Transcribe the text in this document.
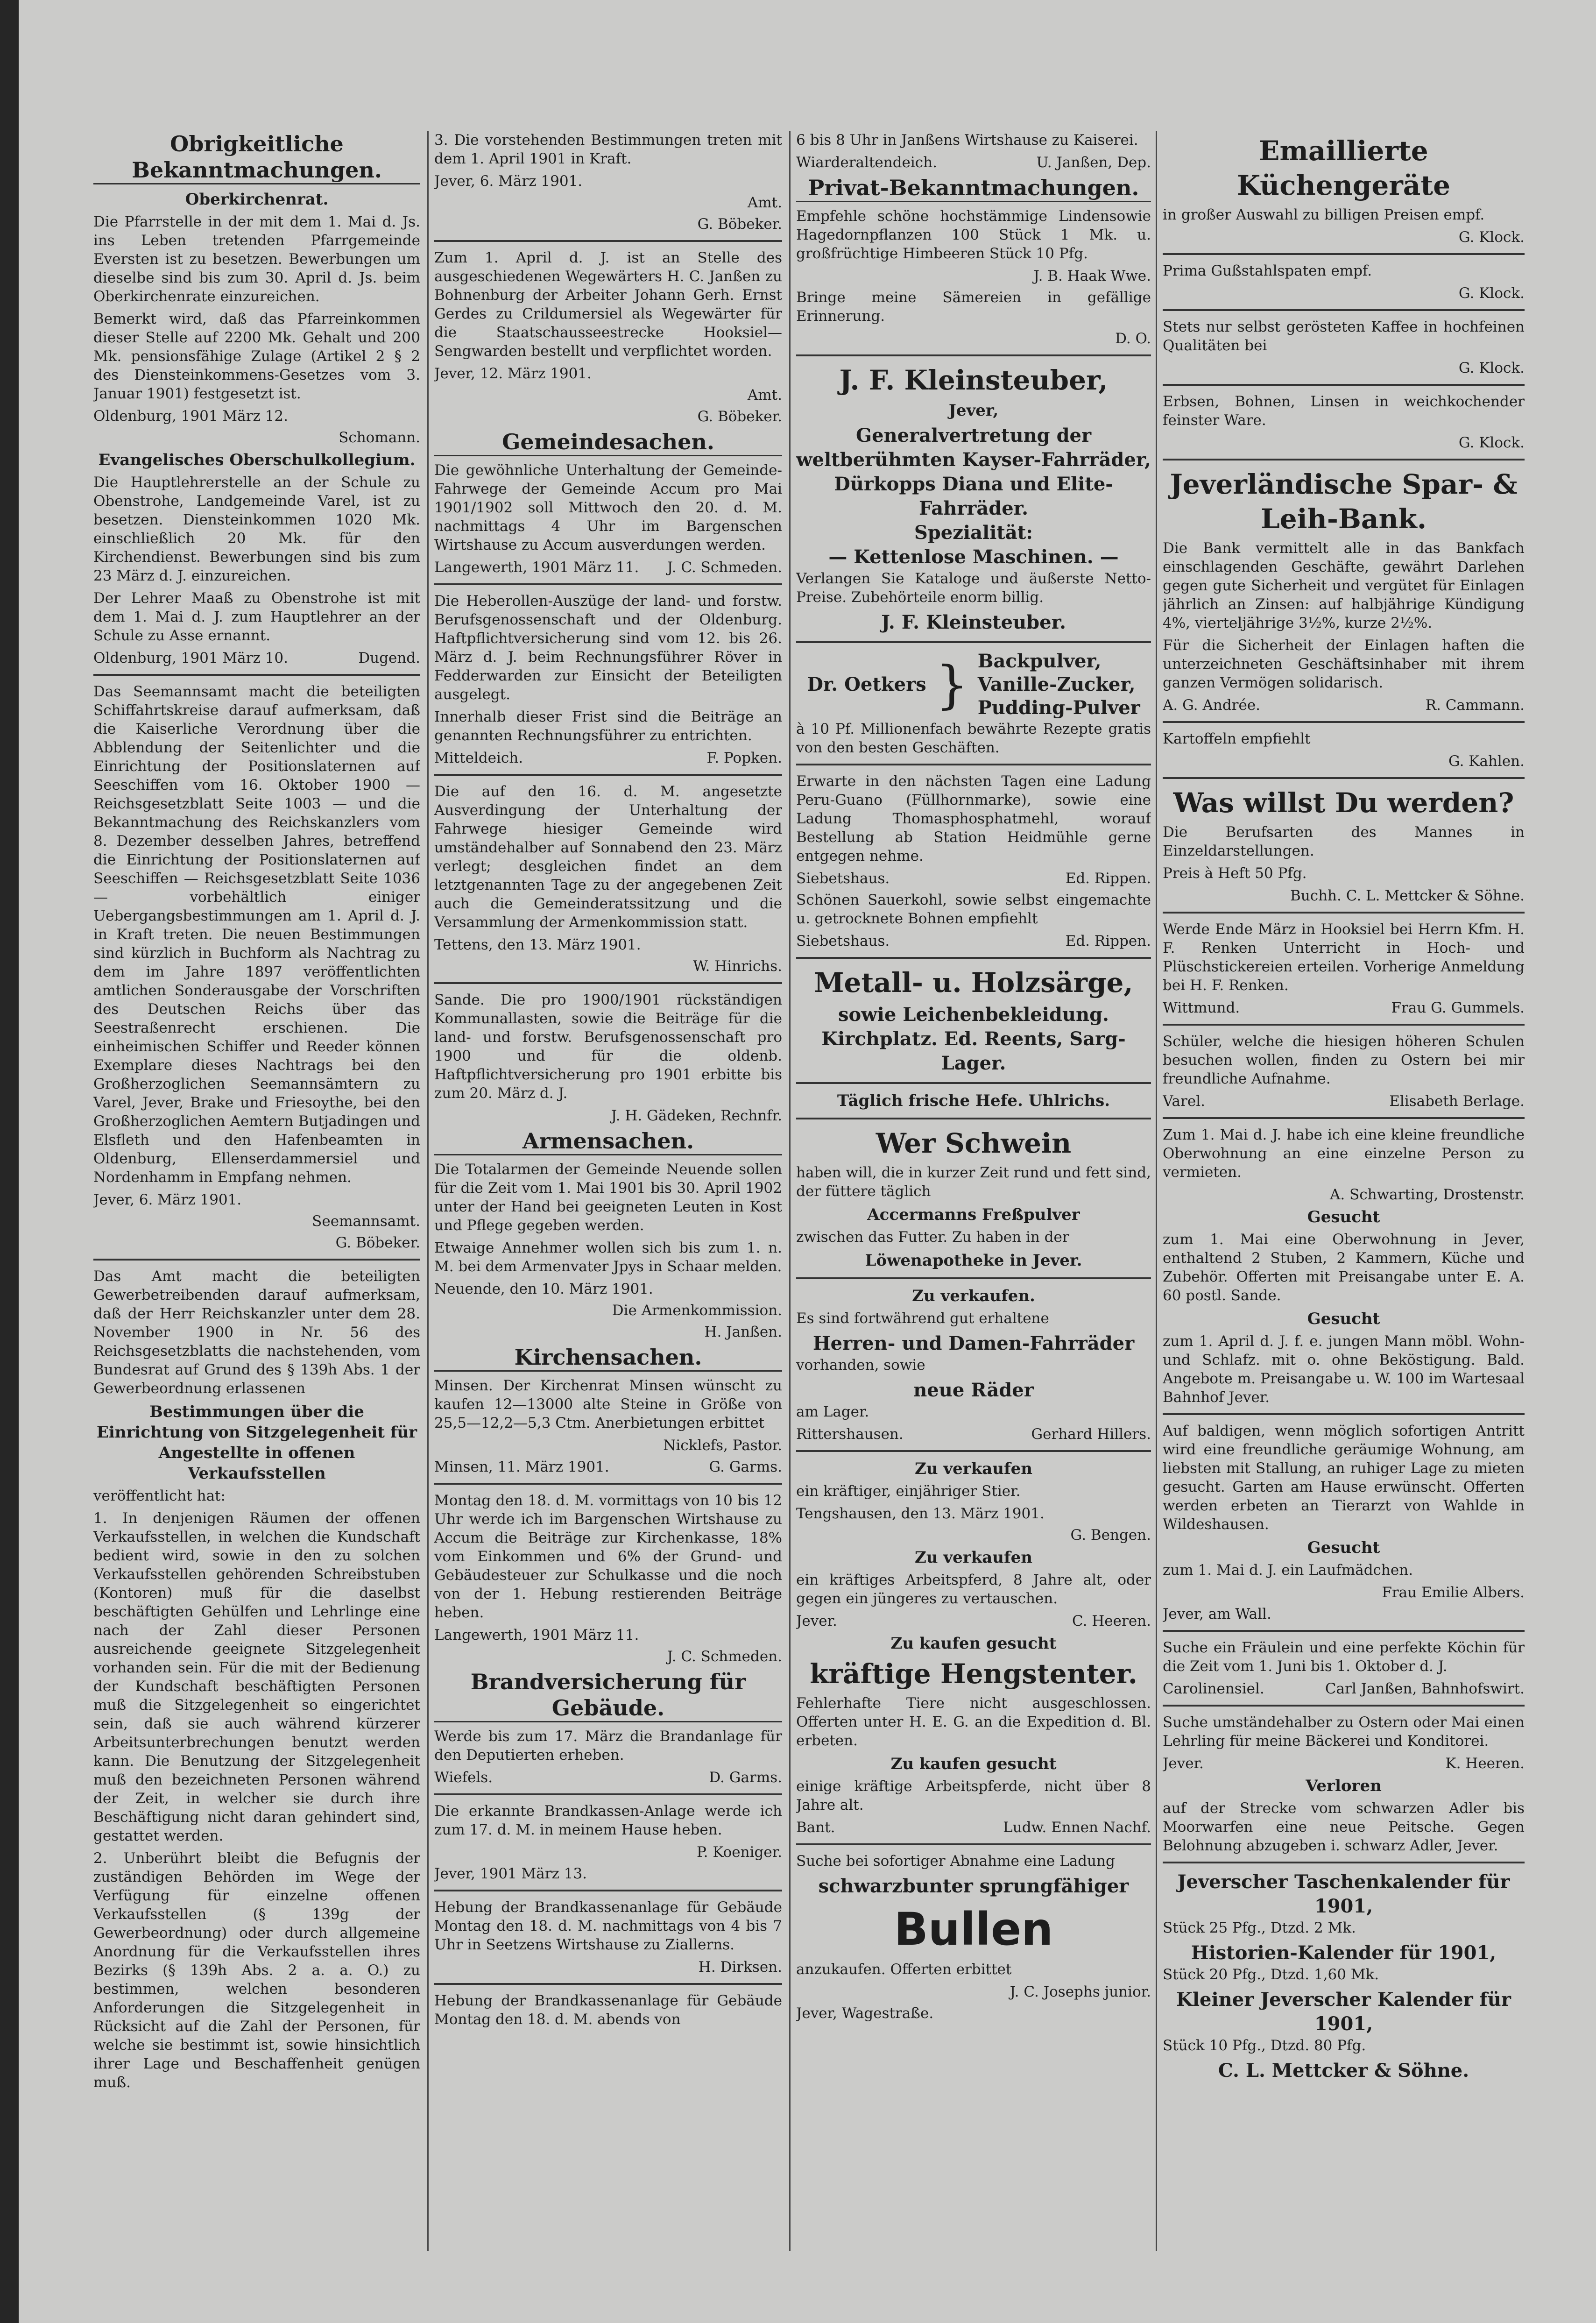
Obrigkeitliche Bekanntmachungen.
Oberkirchenrat.

Die Pfarrstelle in der mit dem 1. Mai d. Js. ins Leben tretenden Pfarrgemeinde Eversten ist zu besetzen. Bewerbungen um dieselbe sind bis zum 30. April d. Js. beim Oberkirchenrate einzureichen.

Bemerkt wird, daß das Pfarreinkommen dieser Stelle auf 2200 Mk. Gehalt und 200 Mk. pensionsfähige Zulage (Artikel 2 § 2 des Diensteinkommens-Gesetzes vom 3. Januar 1901) festgesetzt ist.

Oldenburg, 1901 März 12.
Schomann.
Evangelisches Oberschulkollegium.

Die Hauptlehrerstelle an der Schule zu Obenstrohe, Landgemeinde Varel, ist zu besetzen. Diensteinkommen 1020 Mk. einschließlich 20 Mk. für den Kirchendienst. Bewerbungen sind bis zum 23 März d. J. einzureichen.

Der Lehrer Maaß zu Obenstrohe ist mit dem 1. Mai d. J. zum Hauptlehrer an der Schule zu Asse ernannt.

Oldenburg, 1901 März 10.	Dugend.

Das Seemannsamt macht die beteiligten Schiffahrtskreise darauf aufmerksam, daß die Kaiserliche Verordnung über die Abblendung der Seitenlichter und die Einrichtung der Positionslaternen auf Seeschiffen vom 16. Oktober 1900 — Reichsgesetzblatt Seite 1003 — und die Bekanntmachung des Reichskanzlers vom 8. Dezember desselben Jahres, betreffend die Einrichtung der Positionslaternen auf Seeschiffen — Reichsgesetzblatt Seite 1036 — vorbehältlich einiger Uebergangsbestimmungen am 1. April d. J. in Kraft treten. Die neuen Bestimmungen sind kürzlich in Buchform als Nachtrag zu dem im Jahre 1897 veröffentlichten amtlichen Sonderausgabe der Vorschriften des Deutschen Reichs über das Seestraßenrecht erschienen. Die einheimischen Schiffer und Reeder können Exemplare dieses Nachtrags bei den Großherzoglichen Seemannsämtern zu Varel, Jever, Brake und Friesoythe, bei den Großherzoglichen Aemtern Butjadingen und Elsfleth und den Hafenbeamten in Oldenburg, Ellenserdammersiel und Nordenhamm in Empfang nehmen.

Jever, 6. März 1901.
Seemannsamt.
G. Böbeker.

Das Amt macht die beteiligten Gewerbetreibenden darauf aufmerksam, daß der Herr Reichskanzler unter dem 28. November 1900 in Nr. 56 des Reichsgesetzblatts die nachstehenden, vom Bundesrat auf Grund des § 139h Abs. 1 der Gewerbeordnung erlassenen

Bestimmungen über die Einrichtung von Sitzgelegenheit für Angestellte in offenen Verkaufsstellen

veröffentlicht hat:

1. In denjenigen Räumen der offenen Verkaufsstellen, in welchen die Kundschaft bedient wird, sowie in den zu solchen Verkaufsstellen gehörenden Schreibstuben (Kontoren) muß für die daselbst beschäftigten Gehülfen und Lehrlinge eine nach der Zahl dieser Personen ausreichende geeignete Sitzgelegenheit vorhanden sein. Für die mit der Bedienung der Kundschaft beschäftigten Personen muß die Sitzgelegenheit so eingerichtet sein, daß sie auch während kürzerer Arbeitsunterbrechungen benutzt werden kann. Die Benutzung der Sitzgelegenheit muß den bezeichneten Personen während der Zeit, in welcher sie durch ihre Beschäftigung nicht daran gehindert sind, gestattet werden.

2. Unberührt bleibt die Befugnis der zuständigen Behörden im Wege der Verfügung für einzelne offenen Verkaufsstellen (§ 139g der Gewerbeordnung) oder durch allgemeine Anordnung für die Verkaufsstellen ihres Bezirks (§ 139h Abs. 2 a. a. O.) zu bestimmen, welchen besonderen Anforderungen die Sitzgelegenheit in Rücksicht auf die Zahl der Personen, für welche sie bestimmt ist, sowie hinsichtlich ihrer Lage und Beschaffenheit genügen muß.

3. Die vorstehenden Bestimmungen treten mit dem 1. April 1901 in Kraft.

Jever, 6. März 1901.
Amt.
G. Böbeker.

Zum 1. April d. J. ist an Stelle des ausgeschiedenen Wegewärters H. C. Janßen zu Bohnenburg der Arbeiter Johann Gerh. Ernst Gerdes zu Crildumersiel als Wegewärter für die Staatschausseestrecke Hooksiel—Sengwarden bestellt und verpflichtet worden.

Jever, 12. März 1901.
Amt.
G. Böbeker.
Gemeindesachen.

Die gewöhnliche Unterhaltung der Gemeinde-Fahrwege der Gemeinde Accum pro Mai 1901/1902 soll Mittwoch den 20. d. M. nachmittags 4 Uhr im Bargenschen Wirtshause zu Accum ausverdungen werden.

Langewerth, 1901 März 11. J. C. Schmeden.

Die Heberollen-Auszüge der land- und forstw. Berufsgenossenschaft und der Oldenburg. Haftpflichtversicherung sind vom 12. bis 26. März d. J. beim Rechnungsführer Röver in Fedderwarden zur Einsicht der Beteiligten ausgelegt.

Innerhalb dieser Frist sind die Beiträge an genannten Rechnungsführer zu entrichten.

Mitteldeich.	F. Popken.

Die auf den 16. d. M. angesetzte Ausverdingung der Unterhaltung der Fahrwege hiesiger Gemeinde wird umständehalber auf Sonnabend den 23. März verlegt; desgleichen findet an dem letztgenannten Tage zu der angegebenen Zeit auch die Gemeinderatssitzung und die Versammlung der Armenkommission statt.

Tettens, den 13. März 1901.
W. Hinrichs.

Sande. Die pro 1900/1901 rückständigen Kommunallasten, sowie die Beiträge für die land- und forstw. Berufsgenossenschaft pro 1900 und für die oldenb. Haftpflichtversicherung pro 1901 erbitte bis zum 20. März d. J.

J. H. Gädeken, Rechnfr.
Armensachen.

Die Totalarmen der Gemeinde Neuende sollen für die Zeit vom 1. Mai 1901 bis 30. April 1902 unter der Hand bei geeigneten Leuten in Kost und Pflege gegeben werden.

Etwaige Annehmer wollen sich bis zum 1. n. M. bei dem Armenvater Jpys in Schaar melden.

Neuende, den 10. März 1901.
Die Armenkommission.
H. Janßen.
Kirchensachen.

Minsen. Der Kirchenrat Minsen wünscht zu kaufen 12—13000 alte Steine in Größe von 25,5—12,2—5,3 Ctm. Anerbietungen erbittet

Nicklefs, Pastor.
Minsen, 11. März 1901.	G. Garms.

Montag den 18. d. M. vormittags von 10 bis 12 Uhr werde ich im Bargenschen Wirtshause zu Accum die Beiträge zur Kirchenkasse, 18% vom Einkommen und 6% der Grund- und Gebäudesteuer zur Schulkasse und die noch von der 1. Hebung restierenden Beiträge heben.

Langewerth, 1901 März 11.
J. C. Schmeden.
Brandversicherung für Gebäude.

Werde bis zum 17. März die Brandanlage für den Deputierten erheben.

Wiefels.	D. Garms.

Die erkannte Brandkassen-Anlage werde ich zum 17. d. M. in meinem Hause heben.

P. Koeniger.
Jever, 1901 März 13.

Hebung der Brandkassenanlage für Gebäude Montag den 18. d. M. nachmittags von 4 bis 7 Uhr in Seetzens Wirtshause zu Ziallerns.

H. Dirksen.

Hebung der Brandkassenanlage für Gebäude Montag den 18. d. M. abends von

6 bis 8 Uhr in Janßens Wirtshause zu Kaiserei.

Wiarderaltendeich.	U. Janßen, Dep.
Privat-Bekanntmachungen.

Empfehle schöne hochstämmige Lindensowie Hagedornpflanzen 100 Stück 1 Mk. u. großfrüchtige Himbeeren Stück 10 Pfg.

J. B. Haak Wwe.

Bringe meine Sämereien in gefällige Erinnerung.

D. O.
J. F. Kleinsteuber,
Jever,
Generalvertretung der weltberühmten Kayser-Fahrräder, Dürkopps Diana und Elite-Fahrräder.
Spezialität:
— Kettenlose Maschinen. —

Verlangen Sie Kataloge und äußerste Netto-Preise. Zubehörteile enorm billig.

J. F. Kleinsteuber.
Dr. Oetkers } Backpulver,
Vanille-Zucker,
Pudding-Pulver

à 10 Pf. Millionenfach bewährte Rezepte gratis von den besten Geschäften.

Erwarte in den nächsten Tagen eine Ladung Peru-Guano (Füllhornmarke), sowie eine Ladung Thomasphosphatmehl, worauf Bestellung ab Station Heidmühle gerne entgegen nehme.

Siebetshaus.	Ed. Rippen.

Schönen Sauerkohl, sowie selbst eingemachte u. getrocknete Bohnen empfiehlt

Siebetshaus.	Ed. Rippen.
Metall- u. Holzsärge,
sowie Leichenbekleidung.
Kirchplatz. Ed. Reents, Sarg-Lager.
Täglich frische Hefe. Uhlrichs.
Wer Schwein

haben will, die in kurzer Zeit rund und fett sind, der füttere täglich

Accermanns Freßpulver

zwischen das Futter. Zu haben in der

Löwenapotheke in Jever.
Zu verkaufen.

Es sind fortwährend gut erhaltene

Herren- und Damen-Fahrräder

vorhanden, sowie

neue Räder

am Lager.

Rittershausen.	Gerhard Hillers.
Zu verkaufen

ein kräftiger, einjähriger Stier.

Tengshausen, den 13. März 1901.
G. Bengen.
Zu verkaufen

ein kräftiges Arbeitspferd, 8 Jahre alt, oder gegen ein jüngeres zu vertauschen.

Jever.	C. Heeren.
Zu kaufen gesucht
kräftige Hengstenter.

Fehlerhafte Tiere nicht ausgeschlossen. Offerten unter H. E. G. an die Expedition d. Bl. erbeten.

Zu kaufen gesucht

einige kräftige Arbeitspferde, nicht über 8 Jahre alt.

Bant.	Ludw. Ennen Nachf.

Suche bei sofortiger Abnahme eine Ladung

schwarzbunter sprungfähiger
Bullen

anzukaufen. Offerten erbittet

J. C. Josephs junior.
Jever, Wagestraße.
Emaillierte Küchengeräte

in großer Auswahl zu billigen Preisen empf.

G. Klock.

Prima Gußstahlspaten empf.

G. Klock.

Stets nur selbst gerösteten Kaffee in hochfeinen Qualitäten bei

G. Klock.

Erbsen, Bohnen, Linsen in weichkochender feinster Ware.

G. Klock.
Jeverländische Spar- & Leih-Bank.

Die Bank vermittelt alle in das Bankfach einschlagenden Geschäfte, gewährt Darlehen gegen gute Sicherheit und vergütet für Einlagen jährlich an Zinsen: auf halbjährige Kündigung 4%, vierteljährige 3½%, kurze 2½%.

Für die Sicherheit der Einlagen haften die unterzeichneten Geschäftsinhaber mit ihrem ganzen Vermögen solidarisch.

A. G. Andrée.	R. Cammann.

Kartoffeln empfiehlt

G. Kahlen.
Was willst Du werden?

Die Berufsarten des Mannes in Einzeldarstellungen.

Preis à Heft 50 Pfg.

Buchh. C. L. Mettcker & Söhne.

Werde Ende März in Hooksiel bei Herrn Kfm. H. F. Renken Unterricht in Hoch- und Plüschstickereien erteilen. Vorherige Anmeldung bei H. F. Renken.

Wittmund.	Frau G. Gummels.

Schüler, welche die hiesigen höheren Schulen besuchen wollen, finden zu Ostern bei mir freundliche Aufnahme.

Varel.	Elisabeth Berlage.

Zum 1. Mai d. J. habe ich eine kleine freundliche Oberwohnung an eine einzelne Person zu vermieten.

A. Schwarting, Drostenstr.
Gesucht

zum 1. Mai eine Oberwohnung in Jever, enthaltend 2 Stuben, 2 Kammern, Küche und Zubehör. Offerten mit Preisangabe unter E. A. 60 postl. Sande.

Gesucht

zum 1. April d. J. f. e. jungen Mann möbl. Wohn- und Schlafz. mit o. ohne Beköstigung. Bald. Angebote m. Preisangabe u. W. 100 im Wartesaal Bahnhof Jever.

Auf baldigen, wenn möglich sofortigen Antritt wird eine freundliche geräumige Wohnung, am liebsten mit Stallung, an ruhiger Lage zu mieten gesucht. Garten am Hause erwünscht. Offerten werden erbeten an Tierarzt von Wahlde in Wildeshausen.

Gesucht

zum 1. Mai d. J. ein Laufmädchen.

Frau Emilie Albers.
Jever, am Wall.

Suche ein Fräulein und eine perfekte Köchin für die Zeit vom 1. Juni bis 1. Oktober d. J.

Carolinensiel.	Carl Janßen, Bahnhofswirt.

Suche umständehalber zu Ostern oder Mai einen Lehrling für meine Bäckerei und Konditorei.

Jever.	K. Heeren.
Verloren

auf der Strecke vom schwarzen Adler bis Moorwarfen eine neue Peitsche. Gegen Belohnung abzugeben i. schwarz Adler, Jever.

Jeverscher Taschenkalender für 1901,

Stück 25 Pfg., Dtzd. 2 Mk.

Historien-Kalender für 1901,

Stück 20 Pfg., Dtzd. 1,60 Mk.

Kleiner Jeverscher Kalender für 1901,

Stück 10 Pfg., Dtzd. 80 Pfg.

C. L. Mettcker & Söhne.
